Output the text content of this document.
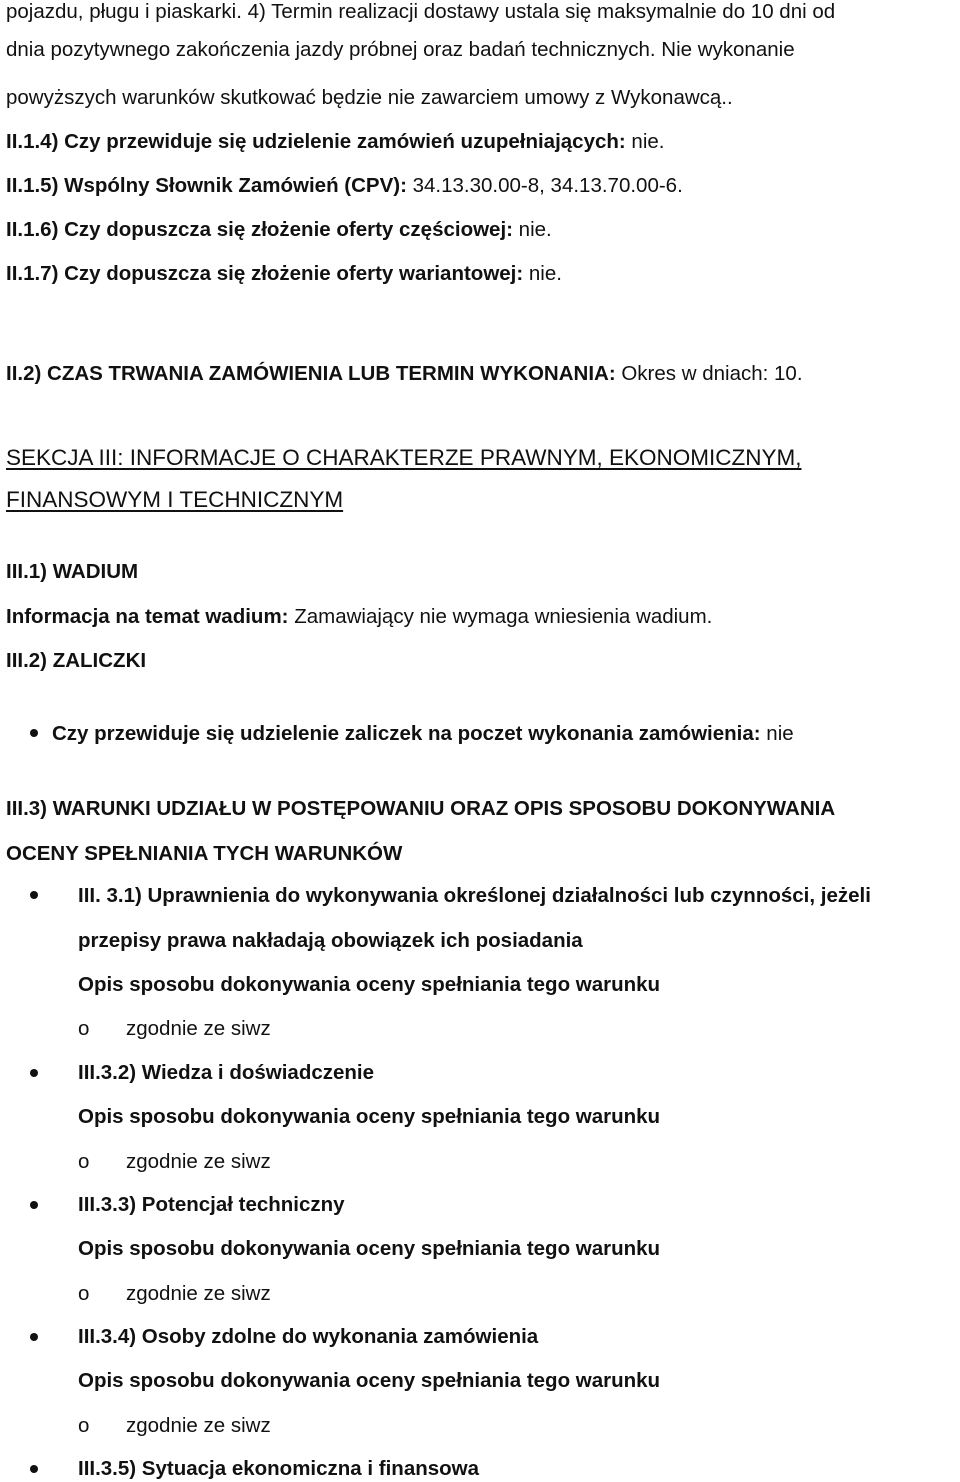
pojazdu, pługu i piaskarki. 4) Termin realizacji dostawy ustala się maksymalnie do 10 dni od
dnia pozytywnego zakończenia jazdy próbnej oraz badań technicznych. Nie wykonanie
powyższych warunków skutkować będzie nie zawarciem umowy z Wykonawcą..
II.1.4) Czy przewiduje się udzielenie zamówień uzupełniających: nie.
II.1.5) Wspólny Słownik Zamówień (CPV): 34.13.30.00-8, 34.13.70.00-6.
II.1.6) Czy dopuszcza się złożenie oferty częściowej: nie.
II.1.7) Czy dopuszcza się złożenie oferty wariantowej: nie.
II.2) CZAS TRWANIA ZAMÓWIENIA LUB TERMIN WYKONANIA: Okres w dniach: 10.
SEKCJA III: INFORMACJE O CHARAKTERZE PRAWNYM, EKONOMICZNYM,
FINANSOWYM I TECHNICZNYM
III.1) WADIUM
Informacja na temat wadium: Zamawiający nie wymaga wniesienia wadium.
III.2) ZALICZKI
Czy przewiduje się udzielenie zaliczek na poczet wykonania zamówienia: nie
III.3) WARUNKI UDZIAŁU W POSTĘPOWANIU ORAZ OPIS SPOSOBU DOKONYWANIA
OCENY SPEŁNIANIA TYCH WARUNKÓW
III. 3.1) Uprawnienia do wykonywania określonej działalności lub czynności, jeżeli
przepisy prawa nakładają obowiązek ich posiadania
Opis sposobu dokonywania oceny spełniania tego warunku
o zgodnie ze siwz
III.3.2) Wiedza i doświadczenie
Opis sposobu dokonywania oceny spełniania tego warunku
o zgodnie ze siwz
III.3.3) Potencjał techniczny
Opis sposobu dokonywania oceny spełniania tego warunku
o zgodnie ze siwz
III.3.4) Osoby zdolne do wykonania zamówienia
Opis sposobu dokonywania oceny spełniania tego warunku
o zgodnie ze siwz
III.3.5) Sytuacja ekonomiczna i finansowa
